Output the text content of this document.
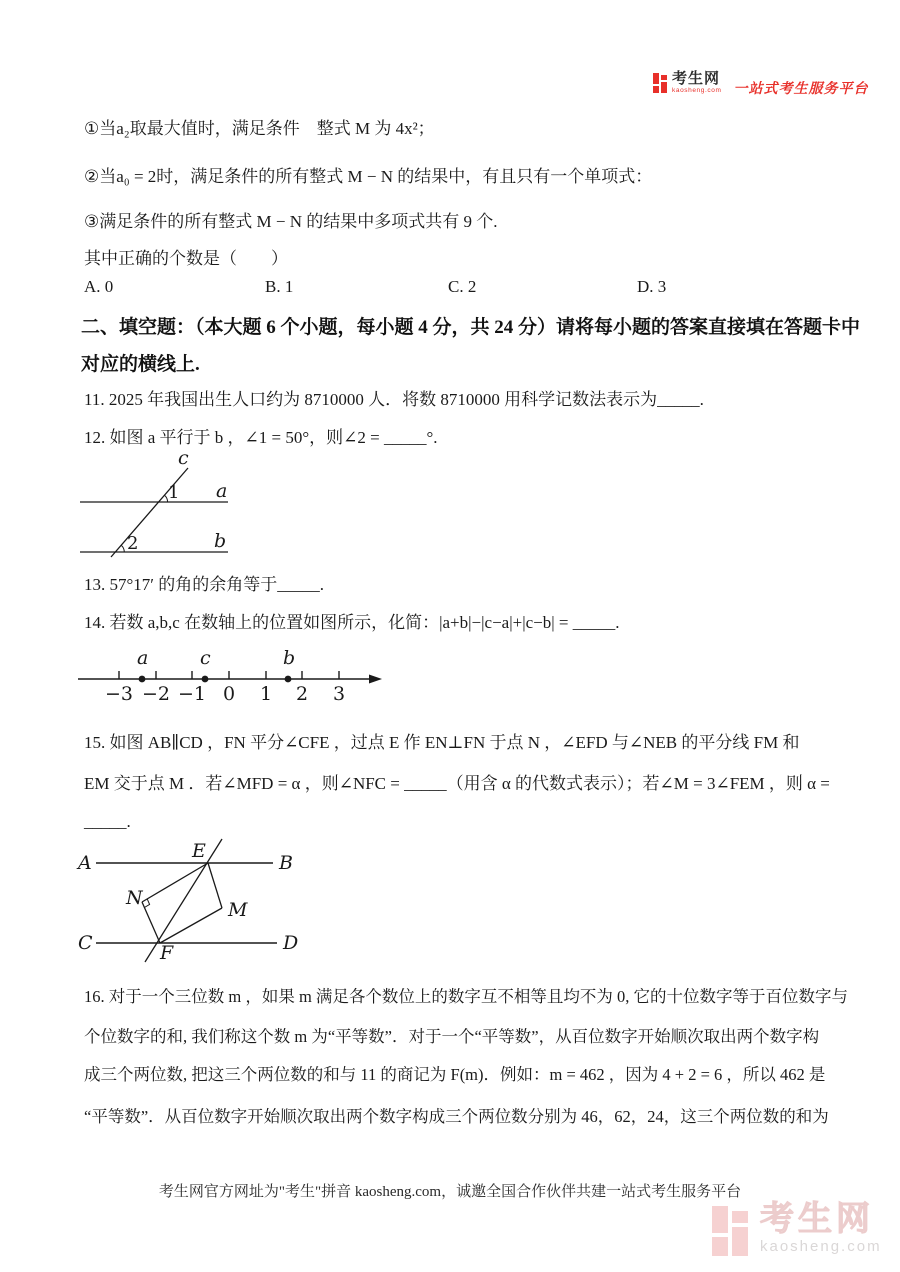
考生网
kaosheng.com 一站式考生服务平台
①当a₂取最大值时，满足条件　整式 M 为 4x²；
②当a₀ = 2时，满足条件的所有整式 M − N 的结果中，有且只有一个单项式：
③满足条件的所有整式 M − N 的结果中多项式共有 9 个.
其中正确的个数是（　　）
A. 0	B. 1	C. 2	D. 3
二、填空题：（本大题 6 个小题，每小题 4 分，共 24 分）请将每小题的答案直接填在答题卡中
对应的横线上.
11. 2025 年我国出生人口约为 8710000 人．将数 8710000 用科学记数法表示为_____.
12. 如图 a 平行于 b ，∠1 = 50°，则∠2 = _____°.
c
a
b
1
2
13. 57°17′ 的角的余角等于_____.
14. 若数 a,b,c 在数轴上的位置如图所示，化简：|a+b|−|c−a|+|c−b| = _____.
−3 −2 −1 0 1 2 3
a	c	b
15. 如图 AB∥CD ，FN 平分∠CFE ，过点 E 作 EN⊥FN 于点 N ，∠EFD 与∠NEB 的平分线 FM 和
EM 交于点 M ．若∠MFD = α ，则∠NFC = _____（用含 α 的代数式表示）；若∠M = 3∠FEM ，则 α =
_____.
A	B
C	D
E
N
M
F
16. 对于一个三位数 m ，如果 m 满足各个数位上的数字互不相等且均不为 0, 它的十位数字等于百位数字与
个位数字的和, 我们称这个数 m 为“平等数”．对于一个“平等数”，从百位数字开始顺次取出两个数字构
成三个两位数, 把这三个两位数的和与 11 的商记为 F(m)．例如：m = 462 ，因为 4 + 2 = 6 ，所以 462 是
“平等数”．从百位数字开始顺次取出两个数字构成三个两位数分别为 46，62，24，这三个两位数的和为
考生网官方网址为"考生"拼音 kaosheng.com，诚邀全国合作伙伴共建一站式考生服务平台
考生网
kaosheng.com
